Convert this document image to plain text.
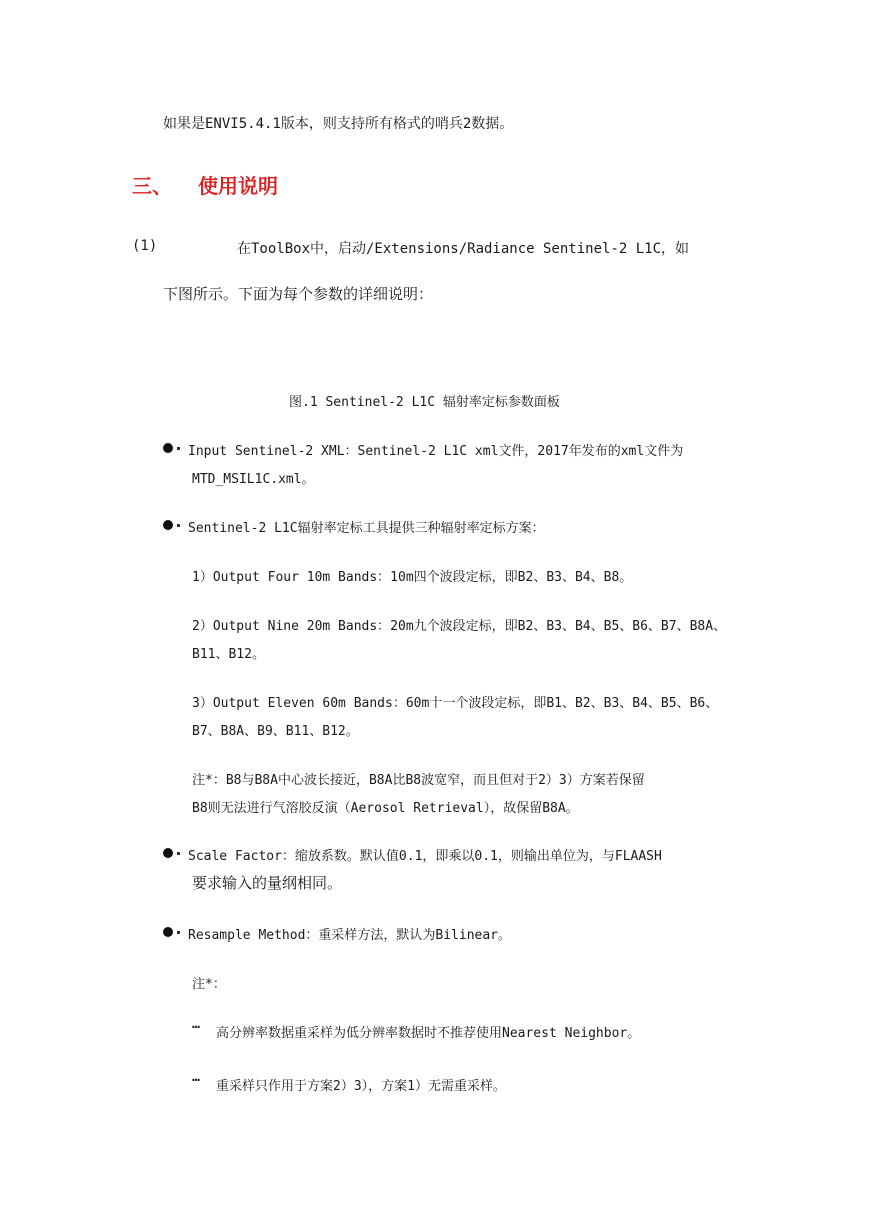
如果是ENVI5.4.1版本，则支持所有格式的哨兵2数据。
三、 使用说明
(1)	在ToolBox中，启动/Extensions/Radiance Sentinel-2 L1C，如
下图所示。下面为每个参数的详细说明：
图.1 Sentinel-2 L1C 辐射率定标参数面板
Input Sentinel-2 XML：Sentinel-2 L1C xml文件，2017年发布的xml文件为
MTD_MSIL1C.xml。
Sentinel-2 L1C辐射率定标工具提供三种辐射率定标方案：
1）Output Four 10m Bands：10m四个波段定标，即B2、B3、B4、B8。
2）Output Nine 20m Bands：20m九个波段定标，即B2、B3、B4、B5、B6、B7、B8A、
B11、B12。
3）Output Eleven 60m Bands：60m十一个波段定标，即B1、B2、B3、B4、B5、B6、
B7、B8A、B9、B11、B12。
注*：B8与B8A中心波长接近，B8A比B8波宽窄，而且但对于2）3）方案若保留
B8则无法进行气溶胶反演（Aerosol Retrieval），故保留B8A。
Scale Factor：缩放系数。默认值0.1，即乘以0.1，则输出单位为，与FLAASH
要求输入的量纲相同。
Resample Method：重采样方法，默认为Bilinear。
注*：
⋯ 高分辨率数据重采样为低分辨率数据时不推荐使用Nearest Neighbor。
⋯ 重采样只作用于方案2）3），方案1）无需重采样。
